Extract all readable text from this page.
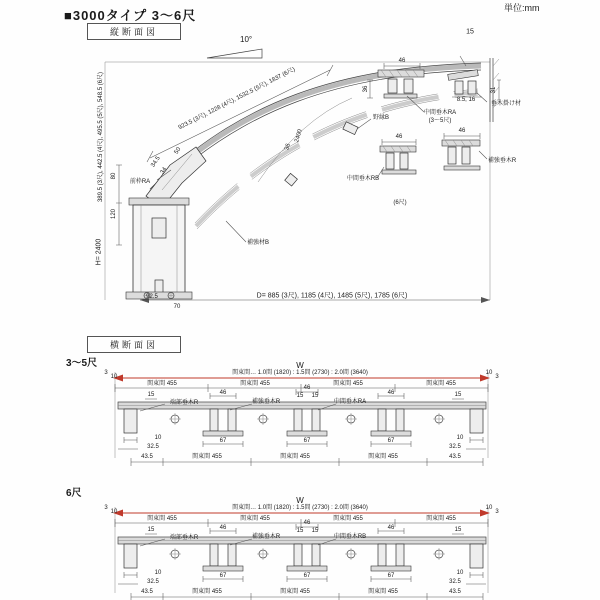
■3000タイプ 3〜6尺	単位:mm
縦断面図
10°
15
923.5 (3尺), 1228 (4尺), 1532.5 (5尺), 1837 (6尺)
389.5 (3尺), 442.5 (4尺), 495.5 (5尺), 548.5 (6尺)
H= 2400
80
120
34.5
34
50
2400
36
36
46
46
46
31
8.5, 16
前枠RA
補強材B
野縁B
中間垂木RA
(3〜5尺)
中間垂木RB
(6尺)
垂木掛け材
補強垂木R
92.5
70
D= 885 (3尺), 1185 (4尺), 1485 (5尺), 1785 (6尺)
横断面図
3〜5尺
6尺
W
関東間… 1.0間 (1820) : 1.5間 (2730) : 2.0間 (3640)
3
10
10
3
関東間 455	関東間 455	関東間 455	関東間 455
15	15
46
46
46
15 15
端部垂木R	補強垂木R	中間垂木RA
10
32.5
10
32.5
67	67	67
43.5	関東間 455	関東間 455	関東間 455	43.5
W
関東間… 1.0間 (1820) : 1.5間 (2730) : 2.0間 (3640)
3
10
10
3
関東間 455	関東間 455	関東間 455	関東間 455
15	15
46
46
46
15 15
端部垂木R	補強垂木R	中間垂木RB
10
32.5
10
32.5
67	67	67
43.5	関東間 455	関東間 455	関東間 455	43.5
